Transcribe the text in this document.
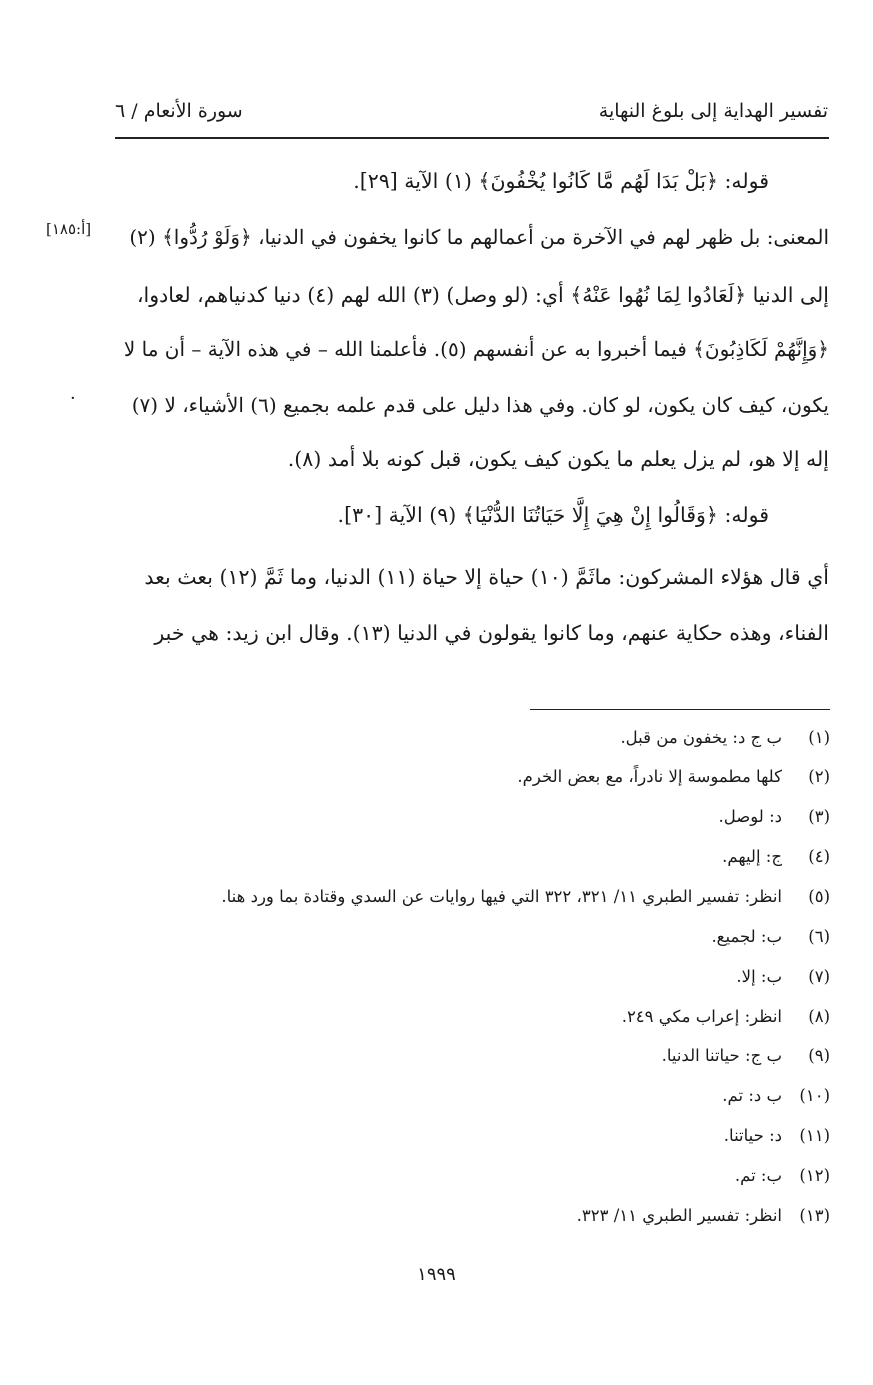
تفسير الهداية إلى بلوغ النهاية
سورة الأنعام / ٦
[أ:١٨٥]
·
قوله: ﴿بَلْ بَدَا لَهُم مَّا كَانُوا يُخْفُونَ﴾ (١) الآية [٢٩].
المعنى: بل ظهر لهم في الآخرة من أعمالهم ما كانوا يخفون في الدنيا، ﴿وَلَوْ رُدُّوا﴾ (٢)
إلى الدنيا ﴿لَعَادُوا لِمَا نُهُوا عَنْهُ﴾ أي: (لو وصل) (٣) الله لهم (٤) دنيا كدنياهم، لعادوا،
﴿وَإِنَّهُمْ لَكَاذِبُونَ﴾ فيما أخبروا به عن أنفسهم (٥). فأعلمنا الله – في هذه الآية – أن ما لا
يكون، كيف كان يكون، لو كان. وفي هذا دليل على قدم علمه بجميع (٦) الأشياء، لا (٧)
إله إلا هو، لم يزل يعلم ما يكون كيف يكون، قبل كونه بلا أمد (٨).
قوله: ﴿وَقَالُوا إِنْ هِيَ إِلَّا حَيَاتُنَا الدُّنْيَا﴾ (٩) الآية [٣٠].
أي قال هؤلاء المشركون: ماثَمَّ (١٠) حياة إلا حياة (١١) الدنيا، وما ثَمَّ (١٢) بعث بعد
الفناء، وهذه حكاية عنهم، وما كانوا يقولون في الدنيا (١٣). وقال ابن زيد: هي خبر
(١)ب ج د: يخفون من قبل.
(٢)كلها مطموسة إلا نادراً، مع بعض الخرم.
(٣)د: لوصل.
(٤)ج: إليهم.
(٥)انظر: تفسير الطبري ١١/ ٣٢١، ٣٢٢ التي فيها روايات عن السدي وقتادة بما ورد هنا.
(٦)ب: لجميع.
(٧)ب: إلا.
(٨)انظر: إعراب مكي ٢٤٩.
(٩)ب ج: حياتنا الدنيا.
(١٠)ب د: تم.
(١١)د: حياتنا.
(١٢)ب: تم.
(١٣)انظر: تفسير الطبري ١١/ ٣٢٣.
١٩٩٩
